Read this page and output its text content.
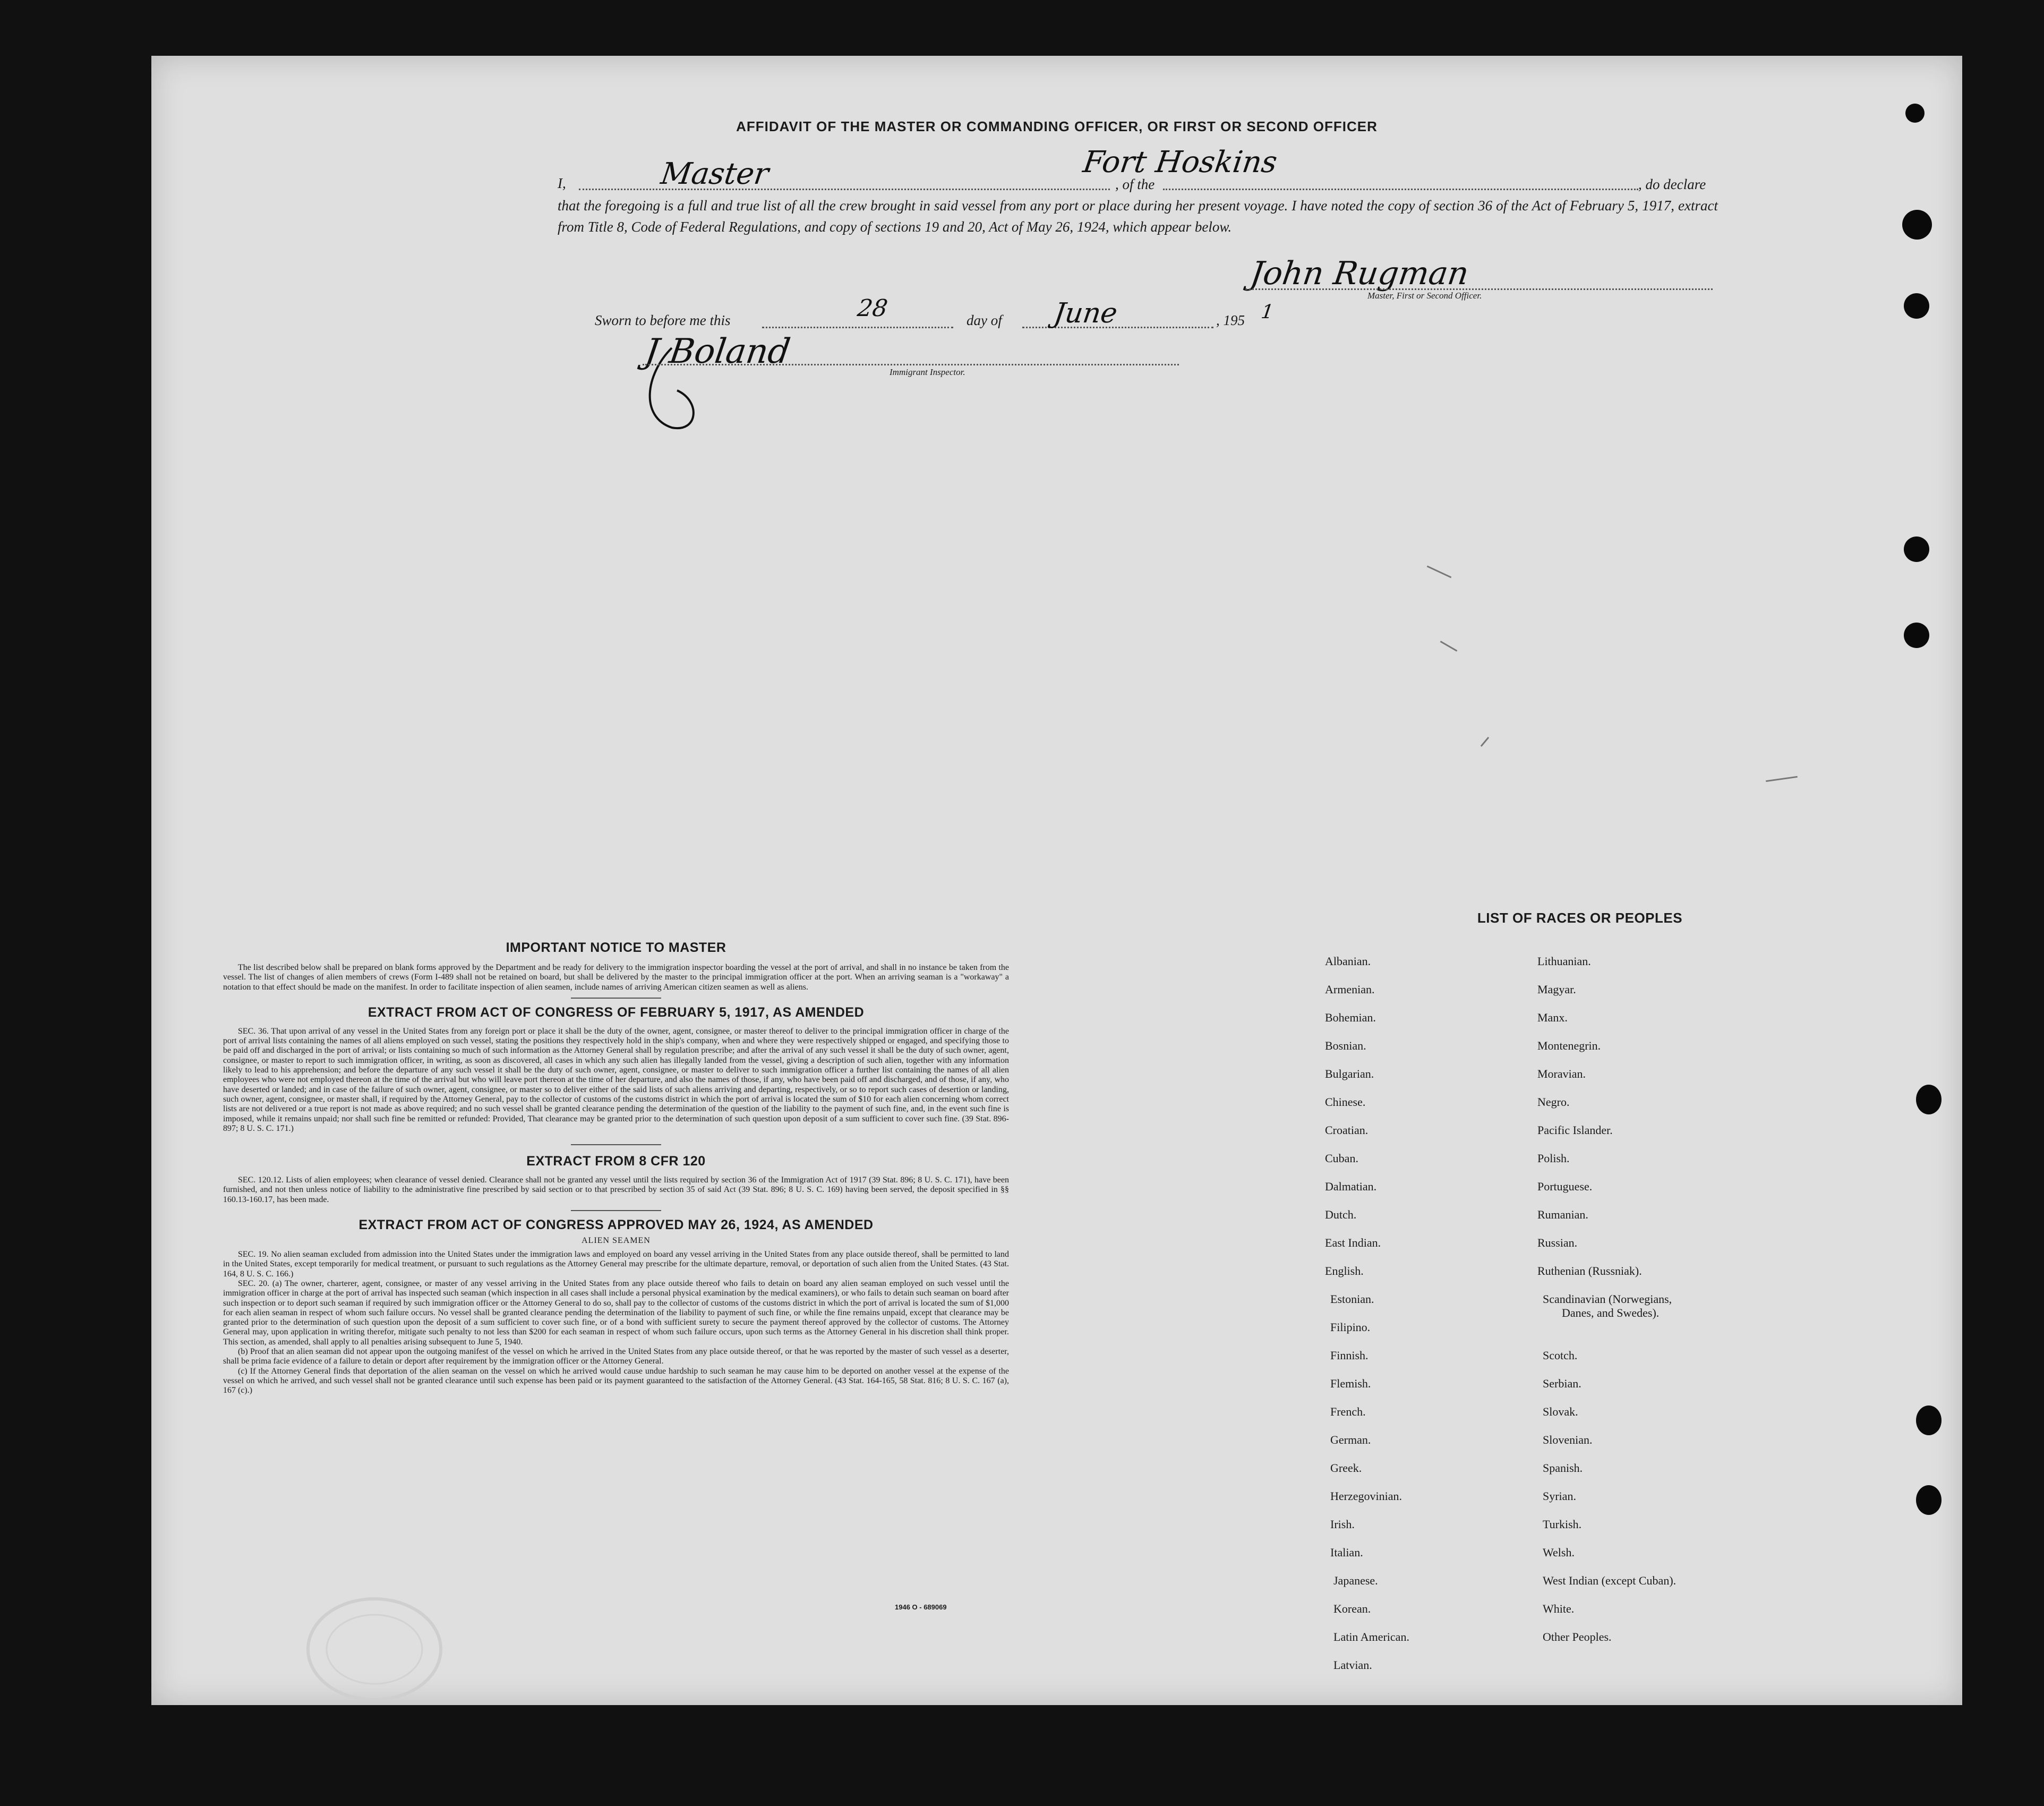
AFFIDAVIT OF THE MASTER OR COMMANDING OFFICER, OR FIRST OR SECOND OFFICER
I,	Master	, of the
Fort Hoskins
, do declare
that the foregoing is a full and true list of all the crew brought in said vessel from any port or place during her present voyage. I have noted the copy of section 36 of the Act of February 5, 1917, extract from Title 8, Code of Federal Regulations, and copy of sections 19 and 20, Act of May 26, 1924, which appear below.
John Rugman
Master, First or Second Officer.
Sworn to before me this	28	day of June	, 195 1
J Boland
Immigrant Inspector.
IMPORTANT NOTICE TO MASTER
The list described below shall be prepared on blank forms approved by the Department and be ready for delivery to the immigration inspector boarding the vessel at the port of arrival, and shall in no instance be taken from the vessel. The list of changes of alien members of crews (Form I-489 shall not be retained on board, but shall be delivered by the master to the principal immigration officer at the port. When an arriving seaman is a "workaway" a notation to that effect should be made on the manifest. In order to facilitate inspection of alien seamen, include names of arriving American citizen seamen as well as aliens.
EXTRACT FROM ACT OF CONGRESS OF FEBRUARY 5, 1917, AS AMENDED
SEC. 36. That upon arrival of any vessel in the United States from any foreign port or place it shall be the duty of the owner, agent, consignee, or master thereof to deliver to the principal immigration officer in charge of the port of arrival lists containing the names of all aliens employed on such vessel, stating the positions they respectively hold in the ship's company, when and where they were respectively shipped or engaged, and specifying those to be paid off and discharged in the port of arrival; or lists containing so much of such information as the Attorney General shall by regulation prescribe; and after the arrival of any such vessel it shall be the duty of such owner, agent, consignee, or master to report to such immigration officer, in writing, as soon as discovered, all cases in which any such alien has illegally landed from the vessel, giving a description of such alien, together with any information likely to lead to his apprehension; and before the departure of any such vessel it shall be the duty of such owner, agent, consignee, or master to deliver to such immigration officer a further list containing the names of all alien employees who were not employed thereon at the time of the arrival but who will leave port thereon at the time of her departure, and also the names of those, if any, who have been paid off and discharged, and of those, if any, who have deserted or landed; and in case of the failure of such owner, agent, consignee, or master so to deliver either of the said lists of such aliens arriving and departing, respectively, or so to report such cases of desertion or landing, such owner, agent, consignee, or master shall, if required by the Attorney General, pay to the collector of customs of the customs district in which the port of arrival is located the sum of $10 for each alien concerning whom correct lists are not delivered or a true report is not made as above required; and no such vessel shall be granted clearance pending the determination of the question of the liability to the payment of such fine, and, in the event such fine is imposed, while it remains unpaid; nor shall such fine be remitted or refunded: Provided, That clearance may be granted prior to the determination of such question upon deposit of a sum sufficient to cover such fine. (39 Stat. 896-897; 8 U. S. C. 171.)
EXTRACT FROM 8 CFR 120
SEC. 120.12. Lists of alien employees; when clearance of vessel denied. Clearance shall not be granted any vessel until the lists required by section 36 of the Immigration Act of 1917 (39 Stat. 896; 8 U. S. C. 171), have been furnished, and not then unless notice of liability to the administrative fine prescribed by said section or to that prescribed by section 35 of said Act (39 Stat. 896; 8 U. S. C. 169) having been served, the deposit specified in §§ 160.13-160.17, has been made.
EXTRACT FROM ACT OF CONGRESS APPROVED MAY 26, 1924, AS AMENDED
ALIEN SEAMEN
SEC. 19. No alien seaman excluded from admission into the United States under the immigration laws and employed on board any vessel arriving in the United States from any place outside thereof, shall be permitted to land in the United States, except temporarily for medical treatment, or pursuant to such regulations as the Attorney General may prescribe for the ultimate departure, removal, or deportation of such alien from the United States. (43 Stat. 164, 8 U. S. C. 166.)
SEC. 20. (a) The owner, charterer, agent, consignee, or master of any vessel arriving in the United States from any place outside thereof who fails to detain on board any alien seaman employed on such vessel until the immigration officer in charge at the port of arrival has inspected such seaman (which inspection in all cases shall include a personal physical examination by the medical examiners), or who fails to detain such seaman on board after such inspection or to deport such seaman if required by such immigration officer or the Attorney General to do so, shall pay to the collector of customs of the customs district in which the port of arrival is located the sum of $1,000 for each alien seaman in respect of whom such failure occurs. No vessel shall be granted clearance pending the determination of the liability to payment of such fine, or while the fine remains unpaid, except that clearance may be granted prior to the determination of such question upon the deposit of a sum sufficient to cover such fine, or of a bond with sufficient surety to secure the payment thereof approved by the collector of customs. The Attorney General may, upon application in writing therefor, mitigate such penalty to not less than $200 for each seaman in respect of whom such failure occurs, upon such terms as the Attorney General in his discretion shall think proper. This section, as amended, shall apply to all penalties arising subsequent to June 5, 1940.
(b) Proof that an alien seaman did not appear upon the outgoing manifest of the vessel on which he arrived in the United States from any place outside thereof, or that he was reported by the master of such vessel as a deserter, shall be prima facie evidence of a failure to detain or deport after requirement by the immigration officer or the Attorney General.
(c) If the Attorney General finds that deportation of the alien seaman on the vessel on which he arrived would cause undue hardship to such seaman he may cause him to be deported on another vessel at the expense of the vessel on which he arrived, and such vessel shall not be granted clearance until such expense has been paid or its payment guaranteed to the satisfaction of the Attorney General. (43 Stat. 164-165, 58 Stat. 816; 8 U. S. C. 167 (a), 167 (c).)
1946 O - 689069
LIST OF RACES OR PEOPLES
Albanian.
Armenian.
Bohemian.
Bosnian.
Bulgarian.
Chinese.
Croatian.
Cuban.
Dalmatian.
Dutch.
East Indian.
English.
Estonian.
Filipino.
Finnish.
Flemish.
French.
German.
Greek.
Herzegovinian.
Irish.
Italian.
Japanese.
Korean.
Latin American.
Latvian.
Lithuanian.
Magyar.
Manx.
Montenegrin.
Moravian.
Negro.
Pacific Islander.
Polish.
Portuguese.
Rumanian.
Russian.
Ruthenian (Russniak).
Scandinavian (Norwegians,
Danes, and Swedes).
Scotch.
Serbian.
Slovak.
Slovenian.
Spanish.
Syrian.
Turkish.
Welsh.
West Indian (except Cuban).
White.
Other Peoples.
